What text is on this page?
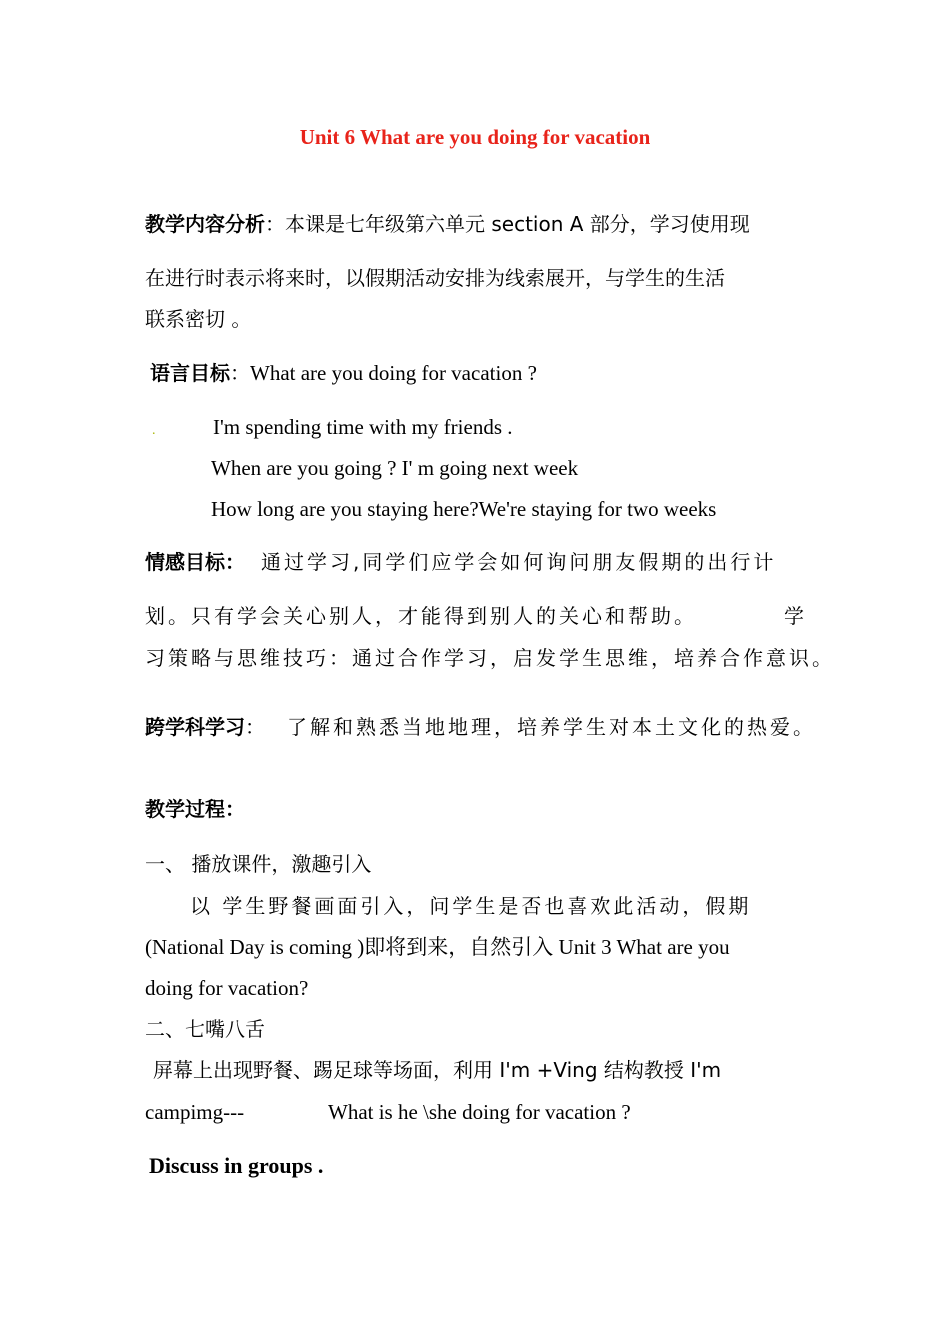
Unit 6 What are you doing for vacation
教学内容分析：本课是七年级第六单元 section A 部分，学习使用现
在进行时表示将来时，以假期活动安排为线索展开，与学生的生活
联系密切 。
语言目标：What are you doing for vacation ?
.	I'm spending time with my friends .
When are you going ? I' m going next week
How long are you staying here?We're staying for two weeks
情感目标： 通过学习,同学们应学会如何询问朋友假期的出行计
划。只有学会关心别人，才能得到别人的关心和帮助。	学
习策略与思维技巧：通过合作学习，启发学生思维，培养合作意识。
跨学科学习： 了解和熟悉当地地理，培养学生对本土文化的热爱。
教学过程：
一、 播放课件，激趣引入
以 学生野餐画面引入，问学生是否也喜欢此活动，假期
(National Day is coming )即将到来，自然引入 Unit 3 What are you
doing for vacation?
二、七嘴八舌
屏幕上出现野餐、踢足球等场面，利用 I'm +Ving 结构教授 I'm
campimg---	What is he \she doing for vacation ?
Discuss in groups .
